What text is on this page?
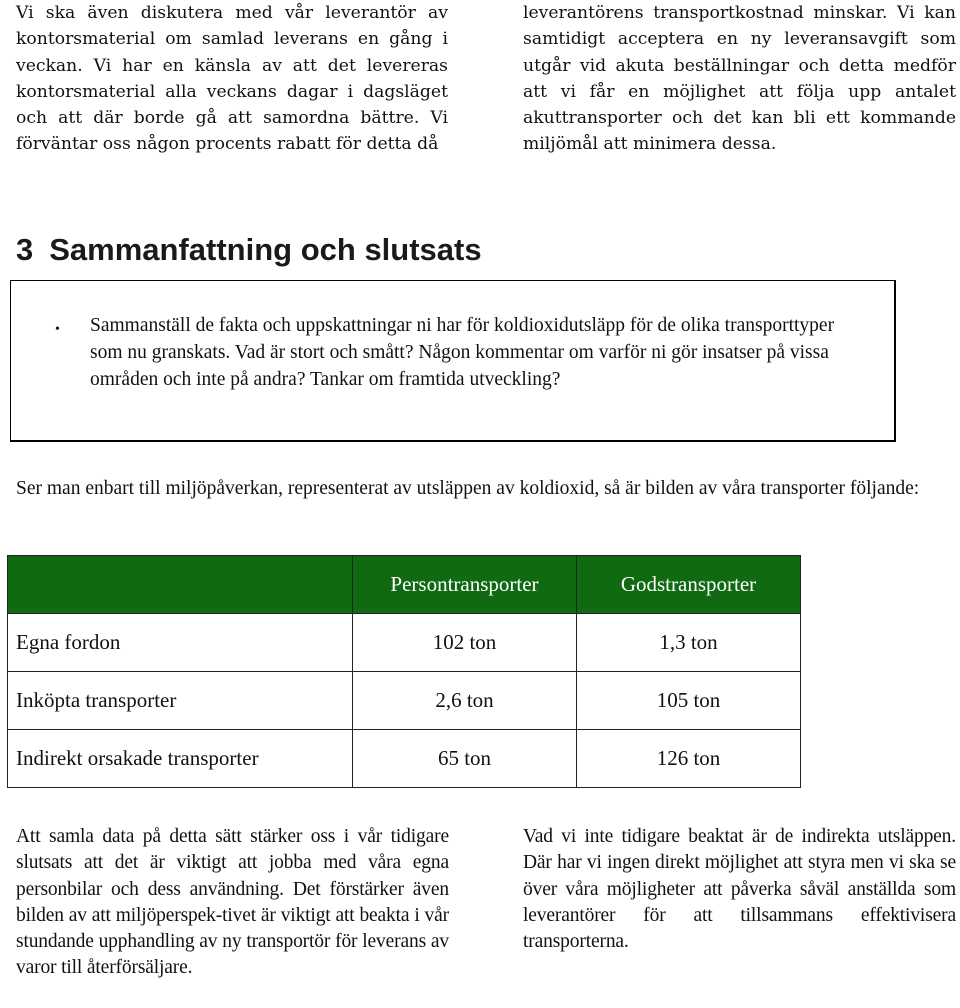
Vi ska även diskutera med vår leverantör av kontorsmaterial om samlad leverans en gång i veckan. Vi har en känsla av att det levereras kontorsmaterial alla veckans dagar i dagsläget och att där borde gå att samordna bättre. Vi förväntar oss någon procents rabatt för detta då

leverantörens transportkostnad minskar. Vi kan samtidigt acceptera en ny leveransavgift som utgår vid akuta beställningar och detta medför att vi får en möjlighet att följa upp antalet akuttransporter och det kan bli ett kommande miljömål att minimera dessa.

3 Sammanfattning och slutsats
• Sammanställ de fakta och uppskattningar ni har för koldioxidutsläpp för de olika transporttyper som nu granskats. Vad är stort och smått? Någon kommentar om varför ni gör insatser på vissa områden och inte på andra? Tankar om framtida utveckling?

Ser man enbart till miljöpåverkan, representerat av utsläppen av koldioxid, så är bilden av våra transporter följande:

	Persontransporter	Godstransporter
Egna fordon	102 ton	1,3 ton
Inköpta transporter	2,6 ton	105 ton
Indirekt orsakade transporter	65 ton	126 ton

Att samla data på detta sätt stärker oss i vår tidigare slutsats att det är viktigt att jobba med våra egna personbilar och dess användning. Det förstärker även bilden av att miljöperspek-tivet är viktigt att beakta i vår stundande upphandling av ny transportör för leverans av varor till återförsäljare.

Vad vi inte tidigare beaktat är de indirekta utsläppen. Där har vi ingen direkt möjlighet att styra men vi ska se över våra möjligheter att påverka såväl anställda som leverantörer för att tillsammans effektivisera transporterna.
